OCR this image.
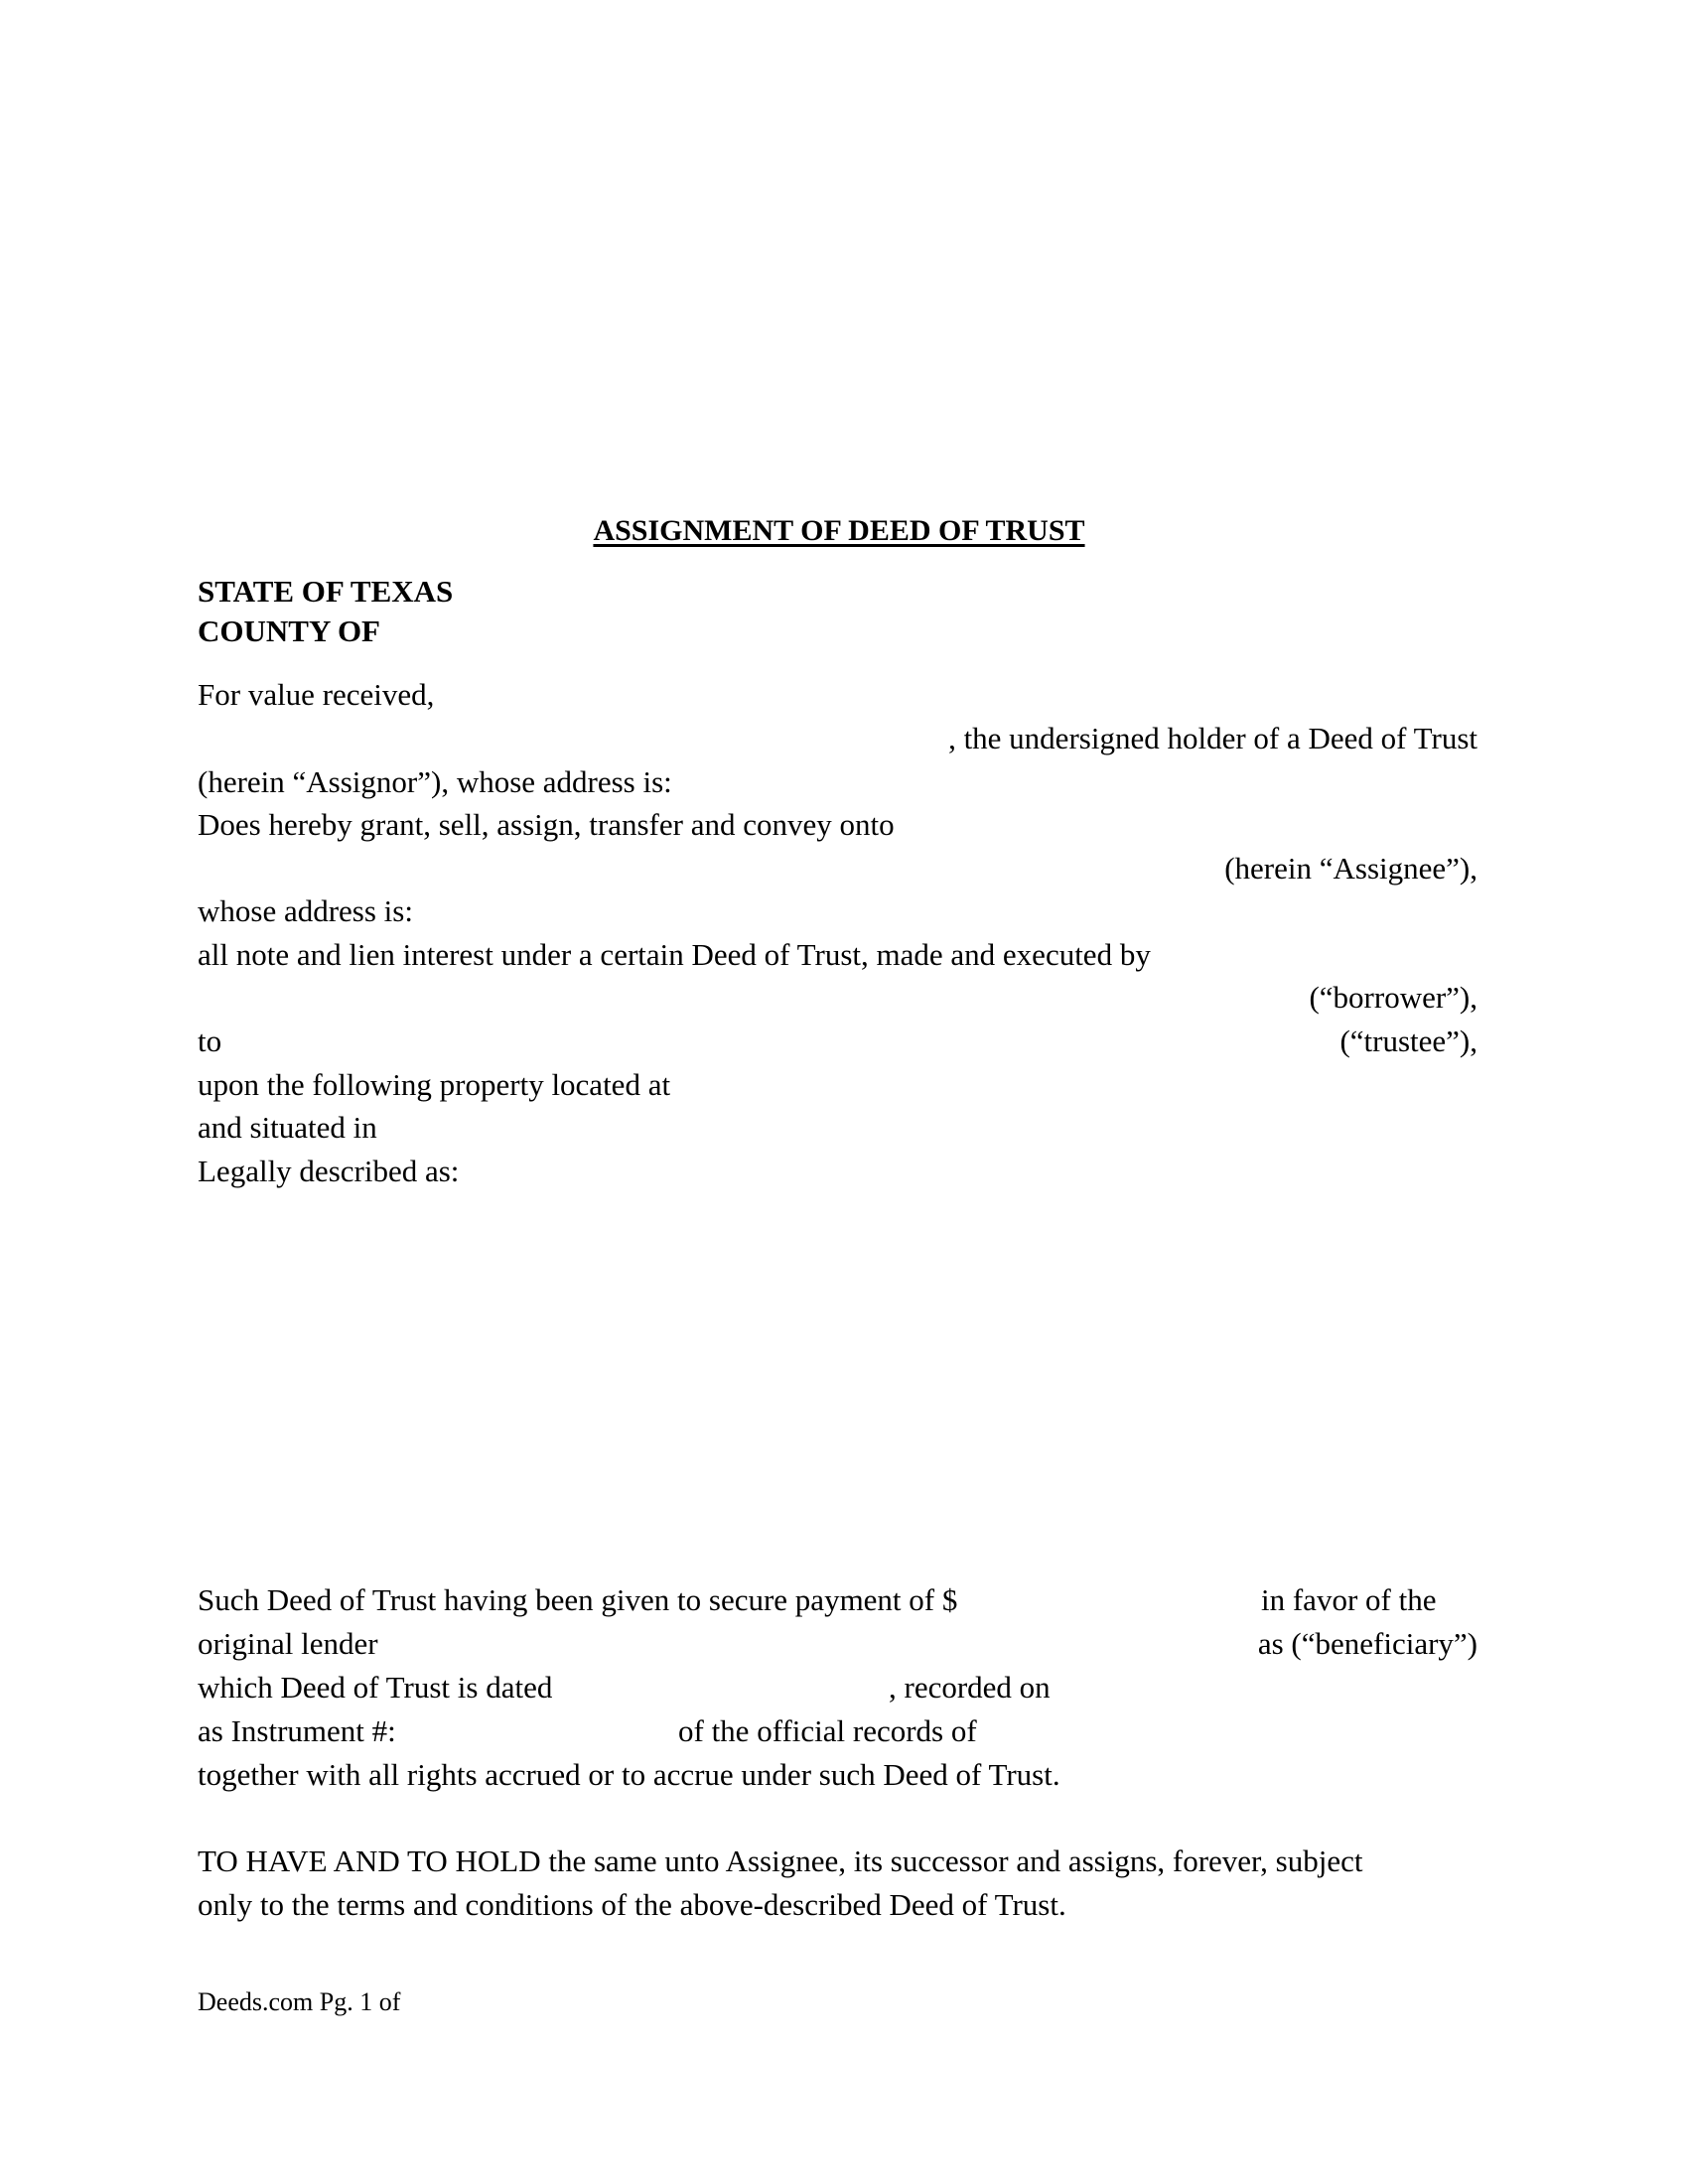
ASSIGNMENT OF DEED OF TRUST
STATE OF TEXAS
COUNTY OF
For value received,
, the undersigned holder of a Deed of Trust
(herein “Assignor”), whose address is:
Does hereby grant, sell, assign, transfer and convey onto
(herein “Assignee”),
whose address is:
all note and lien interest under a certain Deed of Trust, made and executed by
(“borrower”),
to	(“trustee”),
upon the following property located at
and situated in
Legally described as:
Such Deed of Trust having been given to secure payment of $	in favor of the
original lender	as (“beneficiary”)
which Deed of Trust is dated	, recorded on
as Instrument #:	of the official records of
together with all rights accrued or to accrue under such Deed of Trust.
TO HAVE AND TO HOLD the same unto Assignee, its successor and assigns, forever, subject
only to the terms and conditions of the above-described Deed of Trust.
Deeds.com Pg. 1 of
